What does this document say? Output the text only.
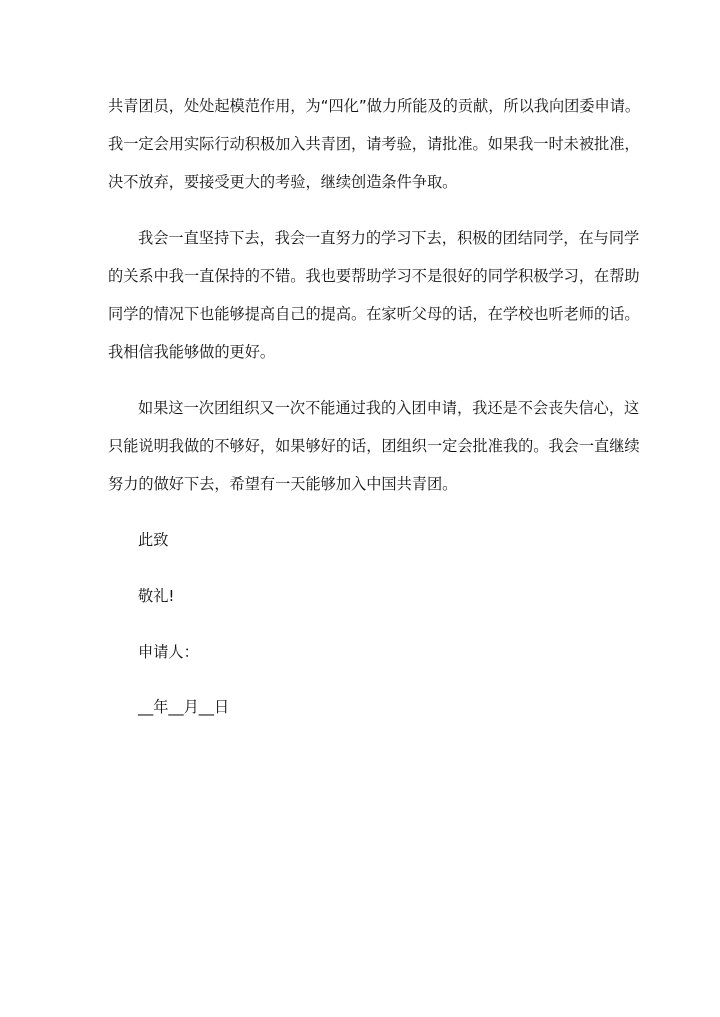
共青团员，处处起模范作用，为“四化”做力所能及的贡献，所以我向团委申请。
我一定会用实际行动积极加入共青团，请考验，请批准。如果我一时未被批准，
决不放弃，要接受更大的考验，继续创造条件争取。
我会一直坚持下去，我会一直努力的学习下去，积极的团结同学，在与同学
的关系中我一直保持的不错。我也要帮助学习不是很好的同学积极学习，在帮助
同学的情况下也能够提高自己的提高。在家听父母的话，在学校也听老师的话。
我相信我能够做的更好。
如果这一次团组织又一次不能通过我的入团申请，我还是不会丧失信心，这
只能说明我做的不够好，如果够好的话，团组织一定会批准我的。我会一直继续
努力的做好下去，希望有一天能够加入中国共青团。
此致
敬礼!
申请人：
__年__月__日
